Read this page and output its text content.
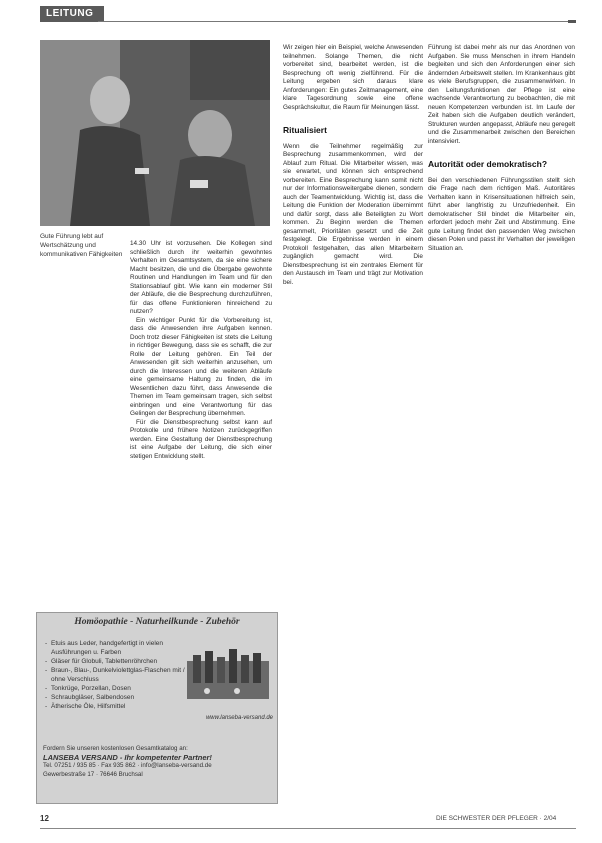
LEITUNG
Gute Führung lebt auf Wertschätzung und kommunikativen Fähigkeiten

14.30 Uhr ist vorzusehen. Die Kollegen sind schließlich durch ihr weiterhin gewohntes Verhalten im Gesamtsystem, da sie eine sichere Macht besitzen, die und die Übergabe gewohnte Routinen und Handlungen im Team und für den Stationsablauf gibt. Wie kann ein moderner Stil der Abläufe, die die Besprechung durchzuführen, für das offene Funktionieren hinreichend zu nutzen?

Ein wichtiger Punkt für die Vorbereitung ist, dass die Anwesenden ihre Aufgaben kennen. Doch trotz dieser Fähigkeiten ist stets die Leitung in richtiger Bewegung, dass sie es schafft, die zur Rolle der Leitung gehören. Ein Teil der Anwesenden gilt sich weiterhin anzusehen, um durch die Interessen und die weiteren Abläufe eine gemeinsame Haltung zu finden, die im Wesentlichen dazu führt, dass Anwesende die Themen im Team gemeinsam tragen, sich selbst einbringen und eine Verantwortung für das Gelingen der Besprechung übernehmen.

Für die Dienstbesprechung selbst kann auf Protokolle und frühere Notizen zurückgegriffen werden. Eine Gestaltung der Dienstbesprechung ist eine Aufgabe der Leitung, die sich einer stetigen Entwicklung stellt.

Wir zeigen hier ein Beispiel, welche Anwesenden teilnehmen. Solange Themen, die nicht vorbereitet sind, bearbeitet werden, ist die Besprechung oft wenig zielführend. Für die Leitung ergeben sich daraus klare Anforderungen: Ein gutes Zeitmanagement, eine klare Tagesordnung sowie eine offene Gesprächskultur, die Raum für Meinungen lässt.

Ritualisiert

Wenn die Teilnehmer regelmäßig zur Besprechung zusammenkommen, wird der Ablauf zum Ritual. Die Mitarbeiter wissen, was sie erwartet, und können sich entsprechend vorbereiten. Eine Besprechung kann somit nicht nur der Informationsweitergabe dienen, sondern auch der Teamentwicklung. Wichtig ist, dass die Leitung die Funktion der Moderation übernimmt und dafür sorgt, dass alle Beteiligten zu Wort kommen. Zu Beginn werden die Themen gesammelt, Prioritäten gesetzt und die Zeit festgelegt. Die Ergebnisse werden in einem Protokoll festgehalten, das allen Mitarbeitern zugänglich gemacht wird. Die Dienstbesprechung ist ein zentrales Element für den Austausch im Team und trägt zur Motivation bei.

Führung ist dabei mehr als nur das Anordnen von Aufgaben. Sie muss Menschen in ihrem Handeln begleiten und sich den Anforderungen einer sich ändernden Arbeitswelt stellen. Im Krankenhaus gibt es viele Berufsgruppen, die zusammenwirken. In den Leitungsfunktionen der Pflege ist eine wachsende Verantwortung zu beobachten, die mit neuen Kompetenzen verbunden ist. Im Laufe der Zeit haben sich die Aufgaben deutlich verändert, Strukturen wurden angepasst, Abläufe neu geregelt und die Zusammenarbeit zwischen den Bereichen intensiviert.

Autorität oder demokratisch?

Bei den verschiedenen Führungsstilen stellt sich die Frage nach dem richtigen Maß. Autoritäres Verhalten kann in Krisensituationen hilfreich sein, führt aber langfristig zu Unzufriedenheit. Ein demokratischer Stil bindet die Mitarbeiter ein, erfordert jedoch mehr Zeit und Abstimmung. Eine gute Leitung findet den passenden Weg zwischen diesen Polen und passt ihr Verhalten der jeweiligen Situation an.

Homöopathie - Naturheilkunde - Zubehör
- Etuis aus Leder, handgefertigt in vielen Ausführungen u. Farben
- Gläser für Globuli, Tablettenröhrchen
- Braun-, Blau-, Dunkelviolettglas-Flaschen mit / ohne Verschluss
- Tonkrüge, Porzellan, Dosen
- Schraubgläser, Salbendosen
- Ätherische Öle, Hilfsmittel
www.lanseba-versand.de
Fordern Sie unseren kostenlosen Gesamtkatalog an:
LANSEBA VERSAND - Ihr kompetenter Partner!
Tel. 07251 / 935 85 · Fax 935 862 · info@lanseba-versand.de
Gewerbestraße 17 · 76646 Bruchsal
12	DIE SCHWESTER DER PFLEGER · 2/04
